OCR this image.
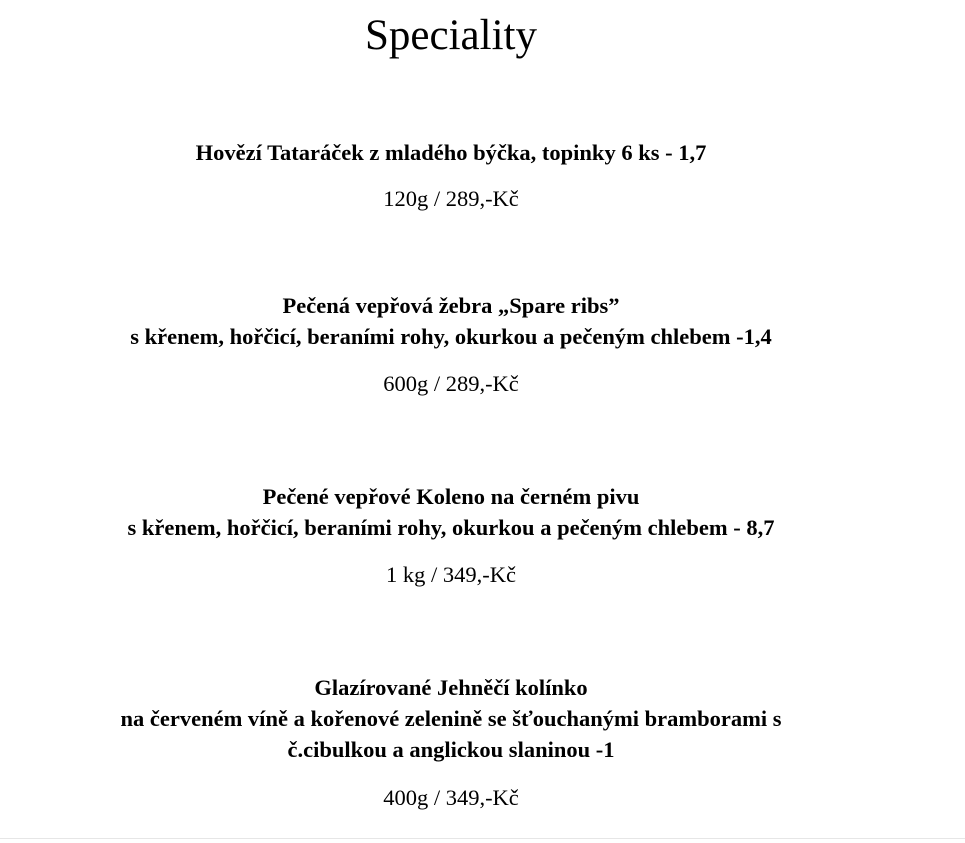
Speciality

Hovězí Tataráček z mladého býčka, topinky 6 ks - 1,7

120g / 289,-Kč

Pečená vepřová žebra „Spare ribs”

s křenem, hořčicí, beraními rohy, okurkou a pečeným chlebem -1,4

600g / 289,-Kč

Pečené vepřové Koleno na černém pivu

s křenem, hořčicí, beraními rohy, okurkou a pečeným chlebem - 8,7

1 kg / 349,-Kč

Glazírované Jehněčí kolínko

na červeném víně a kořenové zelenině se šťouchanými bramborami s

č.cibulkou a anglickou slaninou -1

400g / 349,-Kč
